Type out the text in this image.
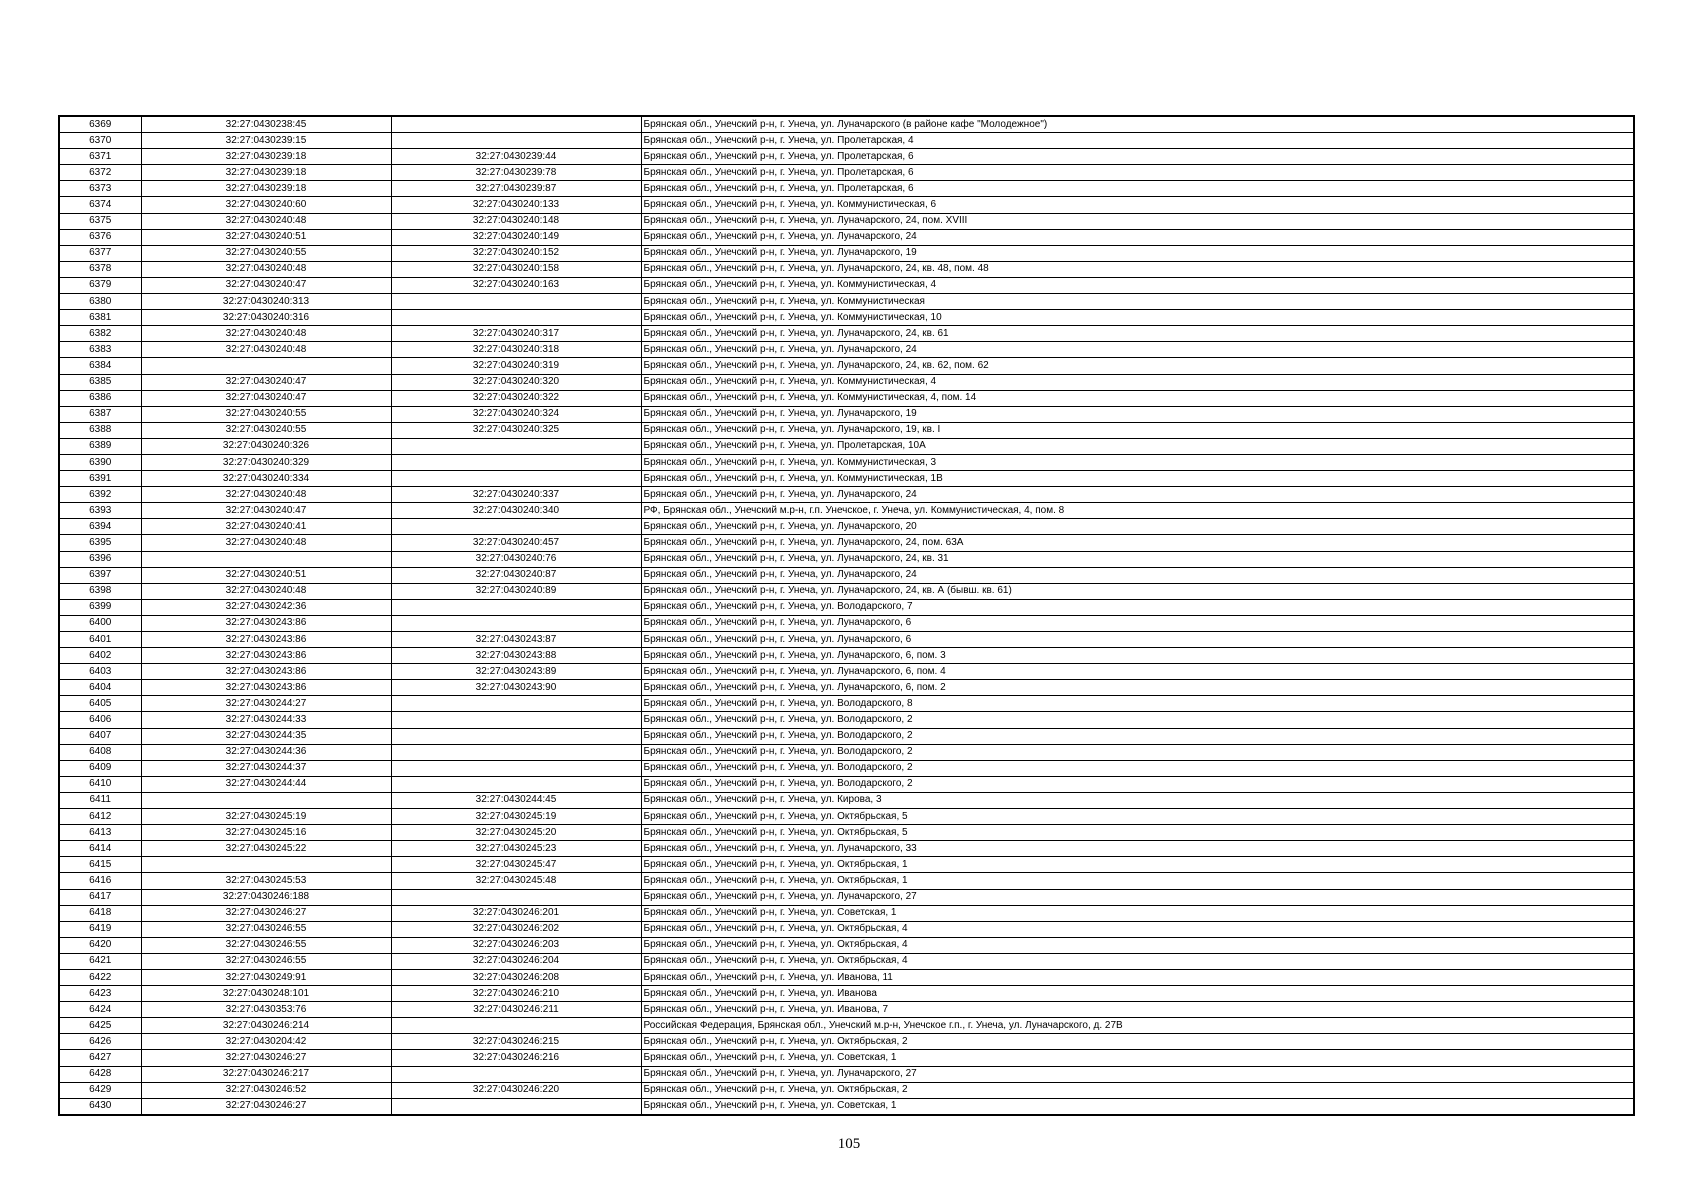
6369	32:27:0430238:45		Брянская обл., Унечский р-н, г. Унеча, ул. Луначарского (в районе кафе "Молодежное")
6370	32:27:0430239:15		Брянская обл., Унечский р-н, г. Унеча, ул. Пролетарская, 4
6371	32:27:0430239:18	32:27:0430239:44	Брянская обл., Унечский р-н, г. Унеча, ул. Пролетарская, 6
6372	32:27:0430239:18	32:27:0430239:78	Брянская обл., Унечский р-н, г. Унеча, ул. Пролетарская, 6
6373	32:27:0430239:18	32:27:0430239:87	Брянская обл., Унечский р-н, г. Унеча, ул. Пролетарская, 6
6374	32:27:0430240:60	32:27:0430240:133	Брянская обл., Унечский р-н, г. Унеча, ул. Коммунистическая, 6
6375	32:27:0430240:48	32:27:0430240:148	Брянская обл., Унечский р-н, г. Унеча, ул. Луначарского, 24, пом. XVIII
6376	32:27:0430240:51	32:27:0430240:149	Брянская обл., Унечский р-н, г. Унеча, ул. Луначарского, 24
6377	32:27:0430240:55	32:27:0430240:152	Брянская обл., Унечский р-н, г. Унеча, ул. Луначарского, 19
6378	32:27:0430240:48	32:27:0430240:158	Брянская обл., Унечский р-н, г. Унеча, ул. Луначарского, 24, кв. 48, пом. 48
6379	32:27:0430240:47	32:27:0430240:163	Брянская обл., Унечский р-н, г. Унеча, ул. Коммунистическая, 4
6380	32:27:0430240:313		Брянская обл., Унечский р-н, г. Унеча, ул. Коммунистическая
6381	32:27:0430240:316		Брянская обл., Унечский р-н, г. Унеча, ул. Коммунистическая, 10
6382	32:27:0430240:48	32:27:0430240:317	Брянская обл., Унечский р-н, г. Унеча, ул. Луначарского, 24, кв. 61
6383	32:27:0430240:48	32:27:0430240:318	Брянская обл., Унечский р-н, г. Унеча, ул. Луначарского, 24
6384		32:27:0430240:319	Брянская обл., Унечский р-н, г. Унеча, ул. Луначарского, 24, кв. 62, пом. 62
6385	32:27:0430240:47	32:27:0430240:320	Брянская обл., Унечский р-н, г. Унеча, ул. Коммунистическая, 4
6386	32:27:0430240:47	32:27:0430240:322	Брянская обл., Унечский р-н, г. Унеча, ул. Коммунистическая, 4, пом. 14
6387	32:27:0430240:55	32:27:0430240:324	Брянская обл., Унечский р-н, г. Унеча, ул. Луначарского, 19
6388	32:27:0430240:55	32:27:0430240:325	Брянская обл., Унечский р-н, г. Унеча, ул. Луначарского, 19, кв. I
6389	32:27:0430240:326		Брянская обл., Унечский р-н, г. Унеча, ул. Пролетарская, 10А
6390	32:27:0430240:329		Брянская обл., Унечский р-н, г. Унеча, ул. Коммунистическая, 3
6391	32:27:0430240:334		Брянская обл., Унечский р-н, г. Унеча, ул. Коммунистическая, 1В
6392	32:27:0430240:48	32:27:0430240:337	Брянская обл., Унечский р-н, г. Унеча, ул. Луначарского, 24
6393	32:27:0430240:47	32:27:0430240:340	РФ, Брянская обл., Унечский м.р-н, г.п. Унечское, г. Унеча, ул. Коммунистическая, 4, пом. 8
6394	32:27:0430240:41		Брянская обл., Унечский р-н, г. Унеча, ул. Луначарского, 20
6395	32:27:0430240:48	32:27:0430240:457	Брянская обл., Унечский р-н, г. Унеча, ул. Луначарского, 24, пом. 63А
6396		32:27:0430240:76	Брянская обл., Унечский р-н, г. Унеча, ул. Луначарского, 24, кв. 31
6397	32:27:0430240:51	32:27:0430240:87	Брянская обл., Унечский р-н, г. Унеча, ул. Луначарского, 24
6398	32:27:0430240:48	32:27:0430240:89	Брянская обл., Унечский р-н, г. Унеча, ул. Луначарского, 24, кв. А (бывш. кв. 61)
6399	32:27:0430242:36		Брянская обл., Унечский р-н, г. Унеча, ул. Володарского, 7
6400	32:27:0430243:86		Брянская обл., Унечский р-н, г. Унеча, ул. Луначарского, 6
6401	32:27:0430243:86	32:27:0430243:87	Брянская обл., Унечский р-н, г. Унеча, ул. Луначарского, 6
6402	32:27:0430243:86	32:27:0430243:88	Брянская обл., Унечский р-н, г. Унеча, ул. Луначарского, 6, пом. 3
6403	32:27:0430243:86	32:27:0430243:89	Брянская обл., Унечский р-н, г. Унеча, ул. Луначарского, 6, пом. 4
6404	32:27:0430243:86	32:27:0430243:90	Брянская обл., Унечский р-н, г. Унеча, ул. Луначарского, 6, пом. 2
6405	32:27:0430244:27		Брянская обл., Унечский р-н, г. Унеча, ул. Володарского, 8
6406	32:27:0430244:33		Брянская обл., Унечский р-н, г. Унеча, ул. Володарского, 2
6407	32:27:0430244:35		Брянская обл., Унечский р-н, г. Унеча, ул. Володарского, 2
6408	32:27:0430244:36		Брянская обл., Унечский р-н, г. Унеча, ул. Володарского, 2
6409	32:27:0430244:37		Брянская обл., Унечский р-н, г. Унеча, ул. Володарского, 2
6410	32:27:0430244:44		Брянская обл., Унечский р-н, г. Унеча, ул. Володарского, 2
6411		32:27:0430244:45	Брянская обл., Унечский р-н, г. Унеча, ул. Кирова, 3
6412	32:27:0430245:19	32:27:0430245:19	Брянская обл., Унечский р-н, г. Унеча, ул. Октябрьская, 5
6413	32:27:0430245:16	32:27:0430245:20	Брянская обл., Унечский р-н, г. Унеча, ул. Октябрьская, 5
6414	32:27:0430245:22	32:27:0430245:23	Брянская обл., Унечский р-н, г. Унеча, ул. Луначарского, 33
6415		32:27:0430245:47	Брянская обл., Унечский р-н, г. Унеча, ул. Октябрьская, 1
6416	32:27:0430245:53	32:27:0430245:48	Брянская обл., Унечский р-н, г. Унеча, ул. Октябрьская, 1
6417	32:27:0430246:188		Брянская обл., Унечский р-н, г. Унеча, ул. Луначарского, 27
6418	32:27:0430246:27	32:27:0430246:201	Брянская обл., Унечский р-н, г. Унеча, ул. Советская, 1
6419	32:27:0430246:55	32:27:0430246:202	Брянская обл., Унечский р-н, г. Унеча, ул. Октябрьская, 4
6420	32:27:0430246:55	32:27:0430246:203	Брянская обл., Унечский р-н, г. Унеча, ул. Октябрьская, 4
6421	32:27:0430246:55	32:27:0430246:204	Брянская обл., Унечский р-н, г. Унеча, ул. Октябрьская, 4
6422	32:27:0430249:91	32:27:0430246:208	Брянская обл., Унечский р-н, г. Унеча, ул. Иванова, 11
6423	32:27:0430248:101	32:27:0430246:210	Брянская обл., Унечский р-н, г. Унеча, ул. Иванова
6424	32:27:0430353:76	32:27:0430246:211	Брянская обл., Унечский р-н, г. Унеча, ул. Иванова, 7
6425	32:27:0430246:214		Российская Федерация, Брянская обл., Унечский м.р-н, Унечское г.п., г. Унеча, ул. Луначарского, д. 27В
6426	32:27:0430204:42	32:27:0430246:215	Брянская обл., Унечский р-н, г. Унеча, ул. Октябрьская, 2
6427	32:27:0430246:27	32:27:0430246:216	Брянская обл., Унечский р-н, г. Унеча, ул. Советская, 1
6428	32:27:0430246:217		Брянская обл., Унечский р-н, г. Унеча, ул. Луначарского, 27
6429	32:27:0430246:52	32:27:0430246:220	Брянская обл., Унечский р-н, г. Унеча, ул. Октябрьская, 2
6430	32:27:0430246:27		Брянская обл., Унечский р-н, г. Унеча, ул. Советская, 1
105
